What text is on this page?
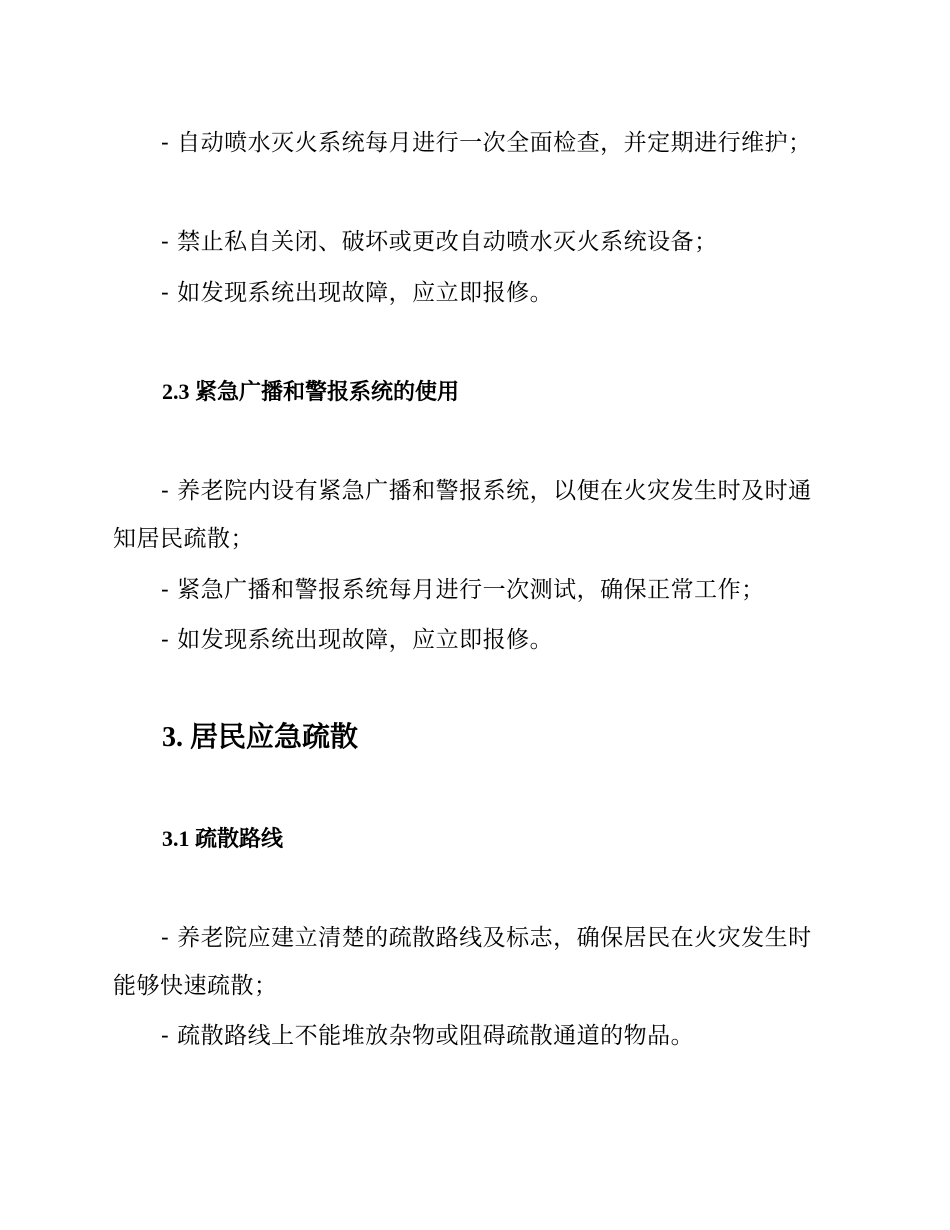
- 自动喷水灭火系统每月进行一次全面检查，并定期进行维护；

- 禁止私自关闭、破坏或更改自动喷水灭火系统设备；

- 如发现系统出现故障，应立即报修。

2.3 紧急广播和警报系统的使用

- 养老院内设有紧急广播和警报系统，以便在火灾发生时及时通知居民疏散；

- 紧急广播和警报系统每月进行一次测试，确保正常工作；

- 如发现系统出现故障，应立即报修。

3. 居民应急疏散
3.1 疏散路线

- 养老院应建立清楚的疏散路线及标志，确保居民在火灾发生时能够快速疏散；

- 疏散路线上不能堆放杂物或阻碍疏散通道的物品。
